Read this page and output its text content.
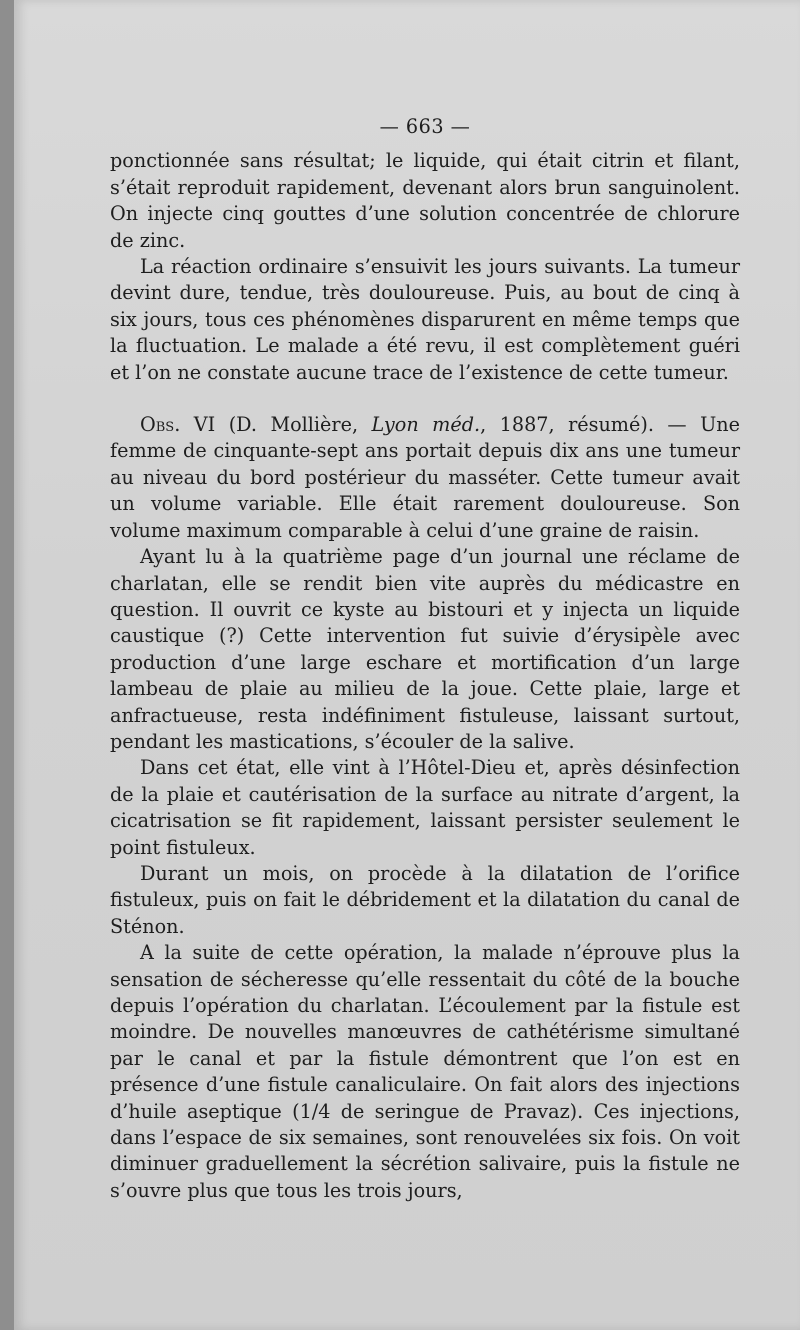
— 663 —

ponctionnée sans résultat; le liquide, qui était citrin et filant, s’était reproduit rapidement, devenant alors brun sanguinolent. On injecte cinq gouttes d’une solution concentrée de chlorure de zinc.

La réaction ordinaire s’ensuivit les jours suivants. La tumeur devint dure, tendue, très douloureuse. Puis, au bout de cinq à six jours, tous ces phénomènes disparurent en même temps que la fluctuation. Le malade a été revu, il est complètement guéri et l’on ne constate aucune trace de l’existence de cette tumeur.

Obs. VI (D. Mollière, Lyon méd., 1887, résumé). — Une femme de cinquante-sept ans portait depuis dix ans une tumeur au niveau du bord postérieur du masséter. Cette tumeur avait un volume variable. Elle était rarement douloureuse. Son volume maximum comparable à celui d’une graine de raisin.

Ayant lu à la quatrième page d’un journal une réclame de charlatan, elle se rendit bien vite auprès du médicastre en question. Il ouvrit ce kyste au bistouri et y injecta un liquide caustique (?) Cette intervention fut suivie d’érysipèle avec production d’une large eschare et mortification d’un large lambeau de plaie au milieu de la joue. Cette plaie, large et anfractueuse, resta indéfiniment fistuleuse, laissant surtout, pendant les mastications, s’écouler de la salive.

Dans cet état, elle vint à l’Hôtel-Dieu et, après désinfection de la plaie et cautérisation de la surface au nitrate d’argent, la cicatrisation se fit rapidement, laissant persister seulement le point fistuleux.

Durant un mois, on procède à la dilatation de l’orifice fistuleux, puis on fait le débridement et la dilatation du canal de Sténon.

A la suite de cette opération, la malade n’éprouve plus la sensation de sécheresse qu’elle ressentait du côté de la bouche depuis l’opération du charlatan. L’écoulement par la fistule est moindre. De nouvelles manœuvres de cathétérisme simultané par le canal et par la fistule démontrent que l’on est en présence d’une fistule canaliculaire. On fait alors des injections d’huile aseptique (1/4 de seringue de Pravaz). Ces injections, dans l’espace de six semaines, sont renouvelées six fois. On voit diminuer graduellement la sécrétion salivaire, puis la fistule ne s’ouvre plus que tous les trois jours,
